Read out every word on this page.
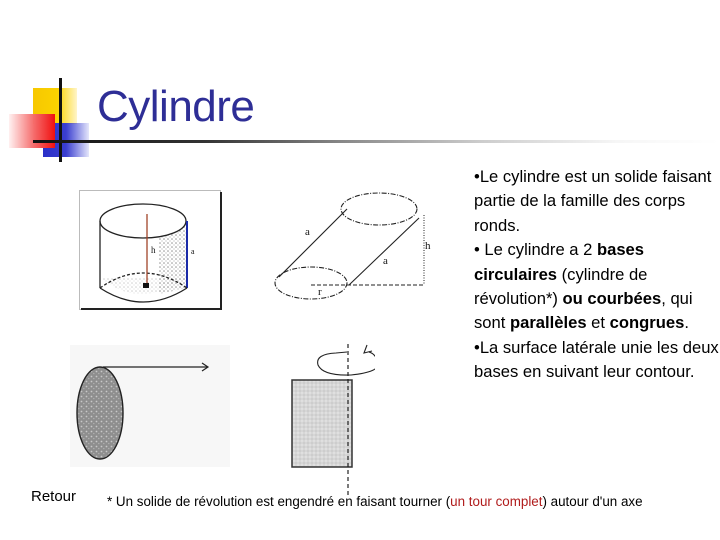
Cylindre
h	a
a
a
h
r

•Le cylindre est un solide faisant partie de la famille des corps ronds.

• Le cylindre a 2 bases circulaires (cylindre de révolution*) ou courbées, qui sont parallèles et congrues.

•La surface latérale unie les deux bases en suivant leur contour.

Retour * Un solide de révolution est engendré en faisant tourner (un tour complet) autour d'un axe
